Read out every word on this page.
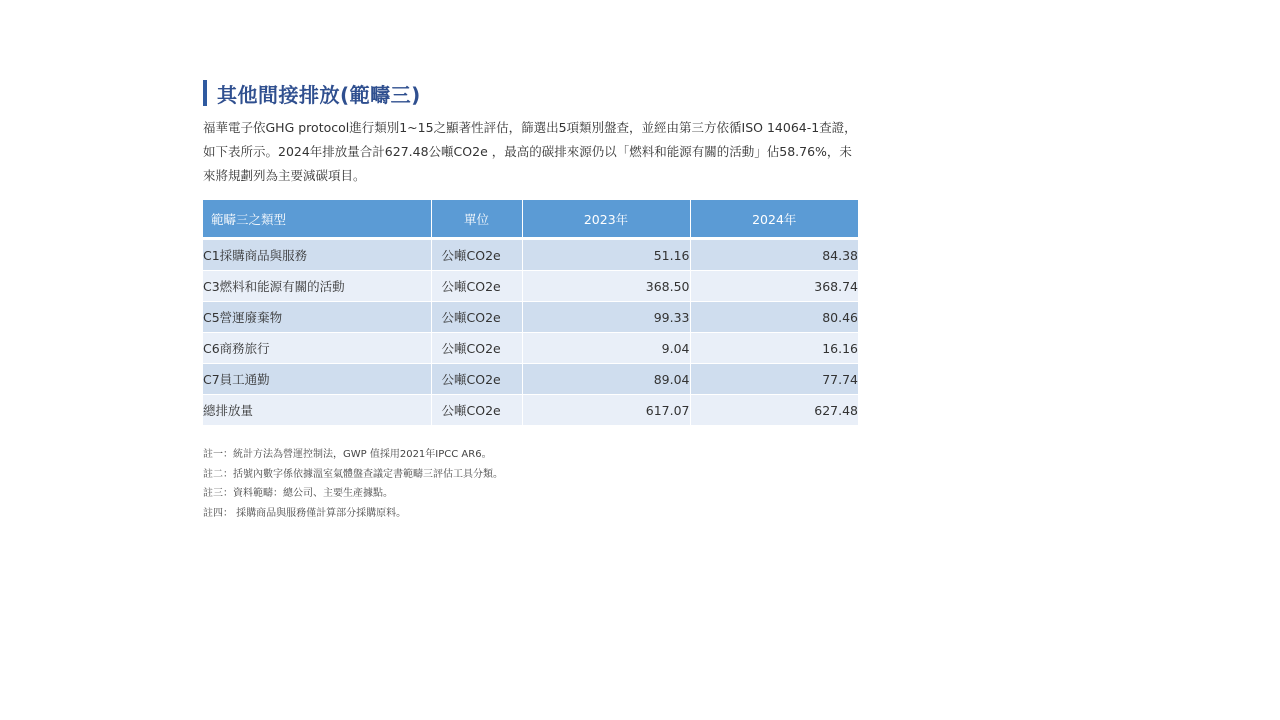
其他間接排放(範疇三)
福華電子依GHG protocol進行類別1~15之顯著性評估，篩選出5項類別盤查，並經由第三方依循ISO 14064-1查證，如下表所示。2024年排放量合計627.48公噸CO2e ，最高的碳排來源仍以「燃料和能源有關的活動」佔58.76%，未來將規劃列為主要減碳項目。
範疇三之類型	單位	2023年	2024年

C1採購商品與服務	公噸CO2e	51.16	84.38
C3燃料和能源有關的活動	公噸CO2e	368.50	368.74
C5營運廢棄物	公噸CO2e	99.33	80.46
C6商務旅行	公噸CO2e	9.04	16.16
C7員工通勤	公噸CO2e	89.04	77.74
總排放量	公噸CO2e	617.07	627.48
註一：統計方法為營運控制法，GWP 值採用2021年IPCC AR6。
註二：括號內數字係依據溫室氣體盤查議定書範疇三評估工具分類。
註三：資料範疇：總公司、主要生產據點。
註四： 採購商品與服務僅計算部分採購原料。
